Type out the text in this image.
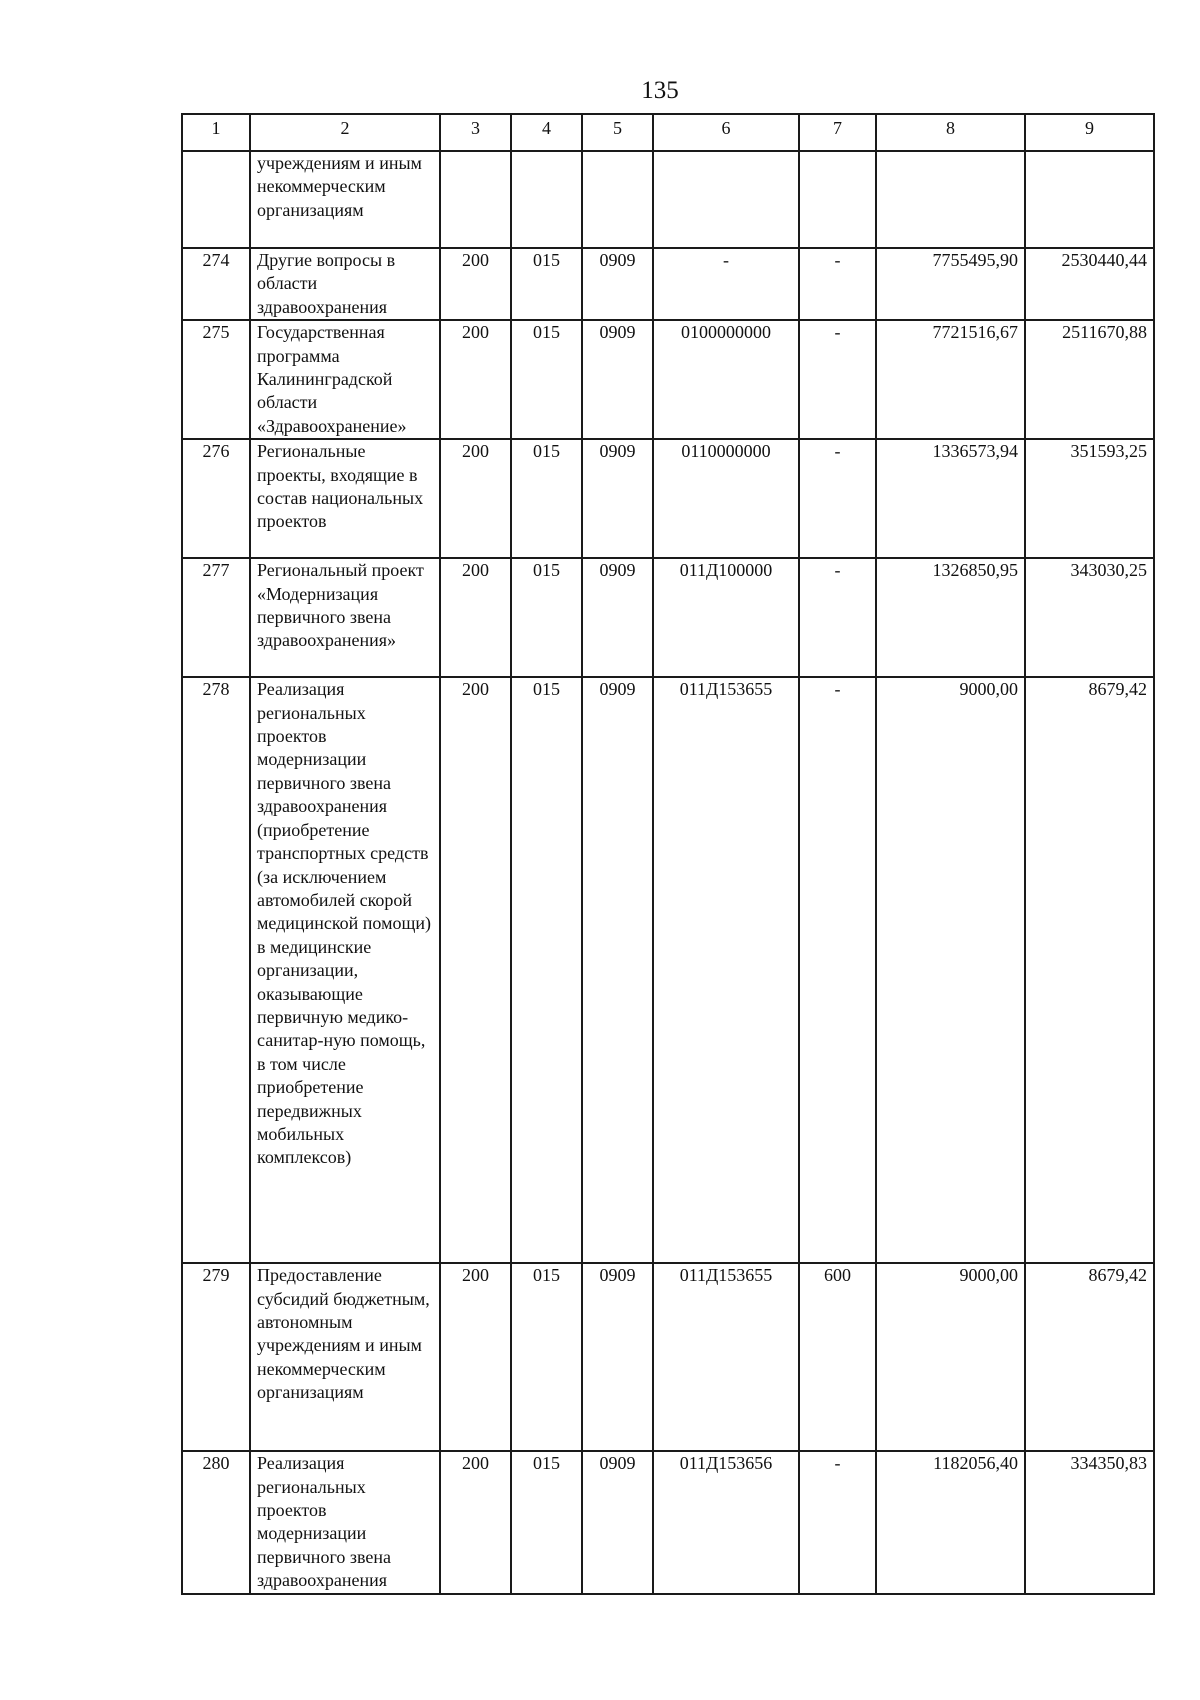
135
1	2	3	4	5	6	7	8	9
	учреждениям и иным некоммерческим организациям							
274	Другие вопросы в области здравоохранения	200	015	0909	-	-	7755495,90	2530440,44
275	Государственная программа Калининградской области «Здравоохранение»	200	015	0909	0100000000	-	7721516,67	2511670,88
276	Региональные проекты, входящие в состав национальных проектов	200	015	0909	0110000000	-	1336573,94	351593,25
277	Региональный проект «Модернизация первичного звена здравоохранения»	200	015	0909	011Д100000	-	1326850,95	343030,25
278	Реализация региональных проектов модернизации первичного звена здравоохранения (приобретение транспортных средств (за исключением автомобилей скорой медицинской помощи) в медицинские организации, оказывающие первичную медико-санитар-ную помощь, в том числе приобретение передвижных мобильных комплексов)	200	015	0909	011Д153655	-	9000,00	8679,42
279	Предоставление субсидий бюджетным, автономным учреждениям и иным некоммерческим организациям	200	015	0909	011Д153655	600	9000,00	8679,42
280	Реализация региональных проектов модернизации первичного звена здравоохранения	200	015	0909	011Д153656	-	1182056,40	334350,83
